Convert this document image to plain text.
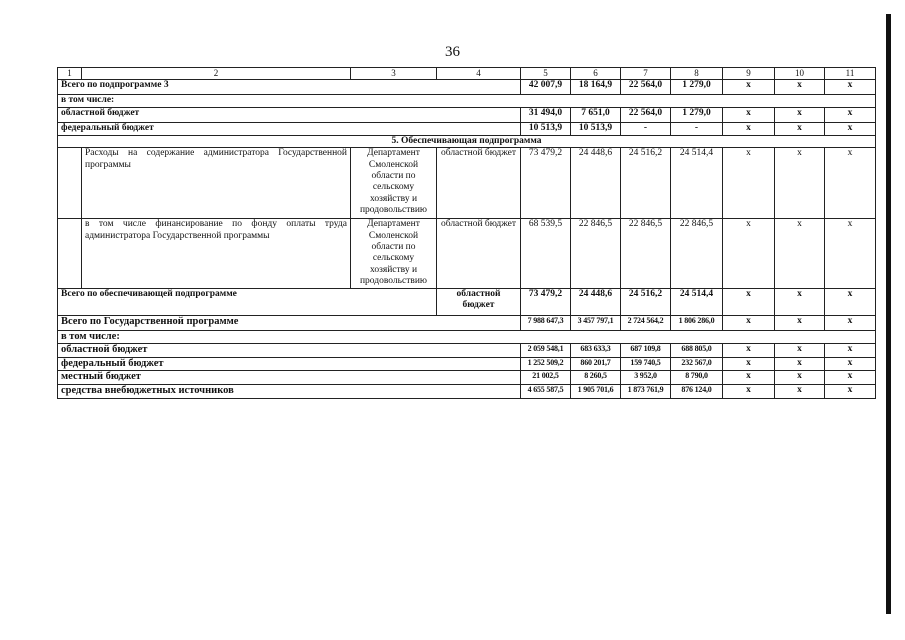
36
1	2	3	4	5	6	7	8	9	10	11
Всего по подпрограмме 3				42 007,9	18 164,9	22 564,0	1 279,0	х	х	х
в том числе:										
областной бюджет				31 494,0	7 651,0	22 564,0	1 279,0	х	х	х
федеральный бюджет				10 513,9	10 513,9	-	-	х	х	х
5. Обеспечивающая подпрограмма										
	Расходы на содержание администратора Государственной программы	Департамент Смоленской области по сельскому хозяйству и продовольствию	областной бюджет	73 479,2	24 448,6	24 516,2	24 514,4	х	х	х
	в том числе финансирование по фонду оплаты труда администратора Государственной программы	Департамент Смоленской области по сельскому хозяйству и продовольствию	областной бюджет	68 539,5	22 846,5	22 846,5	22 846,5	х	х	х
Всего по обеспечивающей подпрограмме			областной бюджет	73 479,2	24 448,6	24 516,2	24 514,4	х	х	х
Всего по Государственной программе				7 988 647,3	3 457 797,1	2 724 564,2	1 806 286,0	х	х	х
в том числе:										
областной бюджет				2 059 548,1	683 633,3	687 109,8	688 805,0	х	х	х
федеральный бюджет				1 252 509,2	860 201,7	159 740,5	232 567,0	х	х	х
местный бюджет				21 002,5	8 260,5	3 952,0	8 790,0	х	х	х
средства внебюджетных источников				4 655 587,5	1 905 701,6	1 873 761,9	876 124,0	х	х	х
